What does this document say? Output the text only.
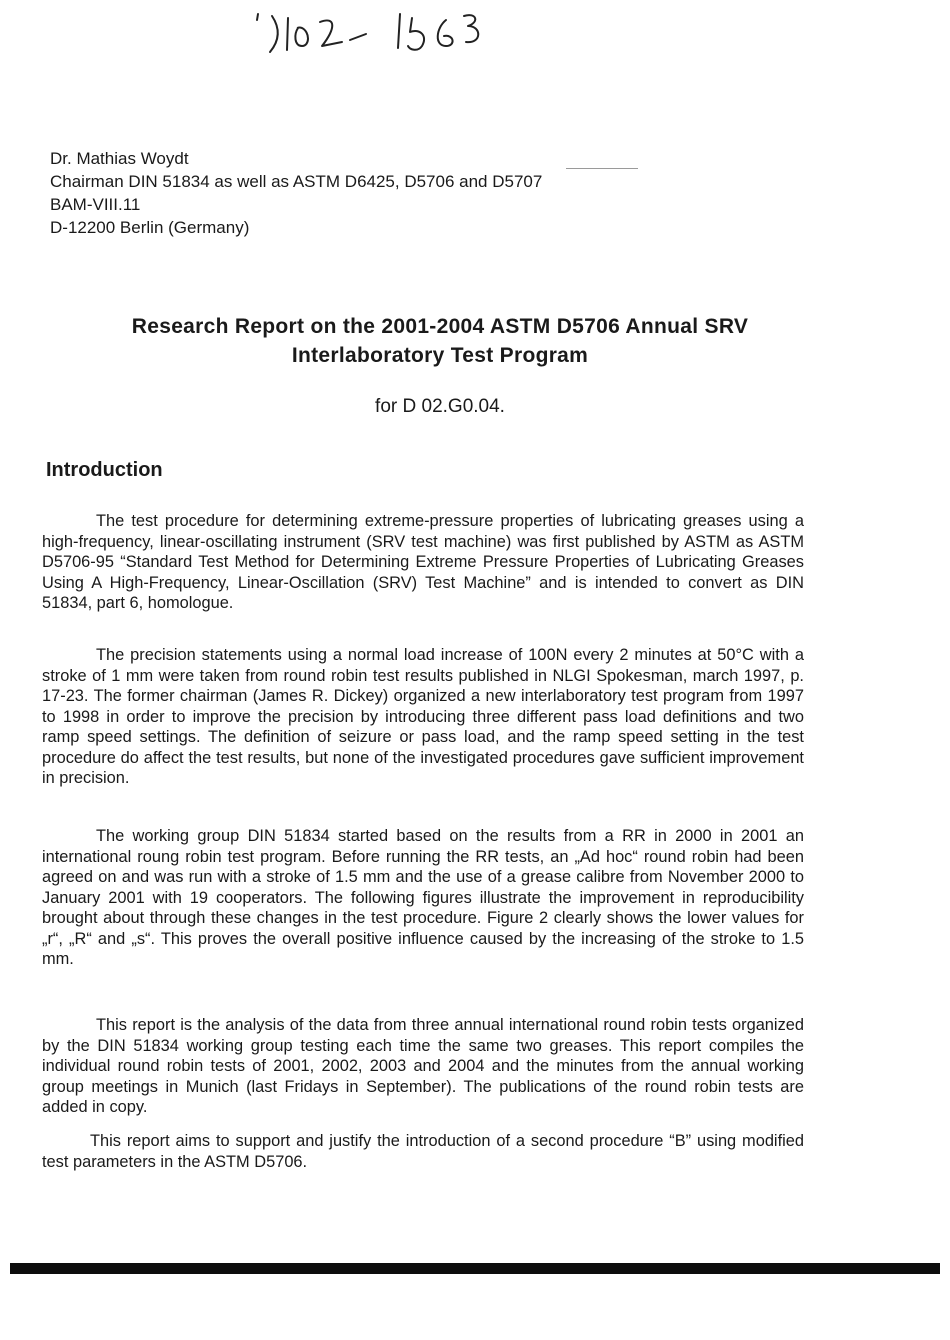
Dr. Mathias Woydt
Chairman DIN 51834 as well as ASTM D6425, D5706 and D5707
BAM-VIII.11
D-12200 Berlin (Germany)
Research Report on the 2001-2004 ASTM D5706 Annual SRV
Interlaboratory Test Program
for D 02.G0.04.
Introduction

The test procedure for determining extreme-pressure properties of lubricating greases using a high-frequency, linear-oscillating instrument (SRV test machine) was first published by ASTM as ASTM D5706-95 “Standard Test Method for Determining Extreme Pressure Properties of Lubricating Greases Using A High-Frequency, Linear-Oscillation (SRV) Test Machine” and is intended to convert as DIN 51834, part 6, homologue.

The precision statements using a normal load increase of 100N every 2 minutes at 50°C with a stroke of 1 mm were taken from round robin test results published in NLGI Spokesman, march 1997, p. 17-23. The former chairman (James R. Dickey) organized a new interlaboratory test program from 1997 to 1998 in order to improve the precision by introducing three different pass load definitions and two ramp speed settings. The definition of seizure or pass load, and the ramp speed setting in the test procedure do affect the test results, but none of the investigated procedures gave sufficient improvement in precision.

The working group DIN 51834 started based on the results from a RR in 2000 in 2001 an international roung robin test program. Before running the RR tests, an „Ad hoc“ round robin had been agreed on and was run with a stroke of 1.5 mm and the use of a grease calibre from November 2000 to January 2001 with 19 cooperators. The following figures illustrate the improvement in reproducibility brought about through these changes in the test procedure. Figure 2 clearly shows the lower values for „r“, „R“ and „s“. This proves the overall positive influence caused by the increasing of the stroke to 1.5 mm.

This report is the analysis of the data from three annual international round robin tests organized by the DIN 51834 working group testing each time the same two greases. This report compiles the individual round robin tests of 2001, 2002, 2003 and 2004 and the minutes from the annual working group meetings in Munich (last Fridays in September). The publications of the round robin tests are added in copy.

This report aims to support and justify the introduction of a second procedure “B” using modified test parameters in the ASTM D5706.
